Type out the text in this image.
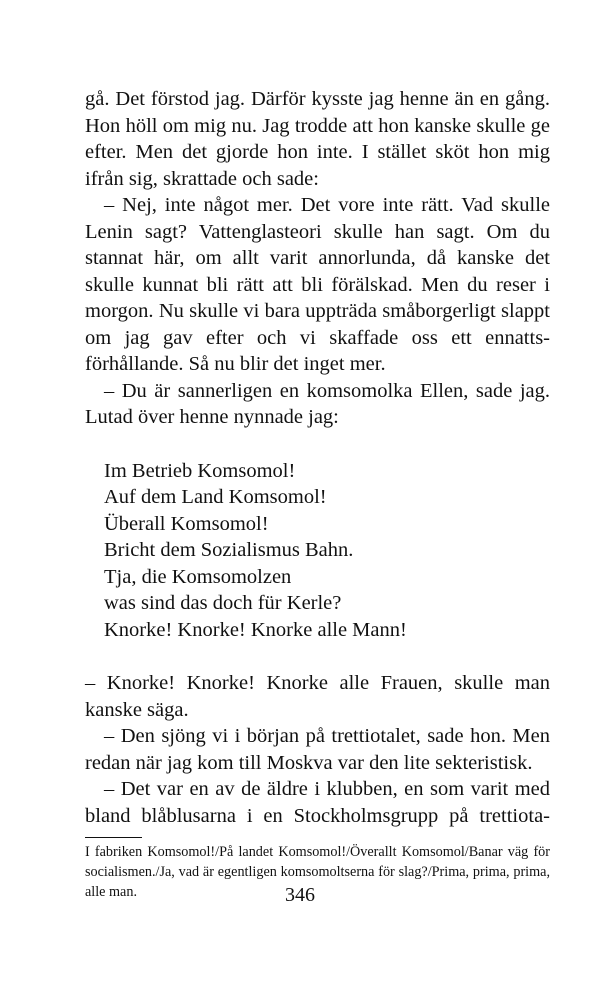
gå. Det förstod jag. Därför kysste jag henne än en gång. Hon höll om mig nu. Jag trodde att hon kanske skulle ge efter. Men det gjorde hon inte. I stället sköt hon mig ifrån sig, skrattade och sade:

– Nej, inte något mer. Det vore inte rätt. Vad skulle Lenin sagt? Vattenglasteori skulle han sagt. Om du stannat här, om allt varit annorlunda, då kanske det skulle kunnat bli rätt att bli förälskad. Men du reser i morgon. Nu skulle vi bara uppträda småborgerligt slappt om jag gav efter och vi skaffade oss ett ennatts-förhållande. Så nu blir det inget mer.

– Du är sannerligen en komsomolka Ellen, sade jag. Lutad över henne nynnade jag:

Im Betrieb Komsomol!
Auf dem Land Komsomol!
Überall Komsomol!
Bricht dem Sozialismus Bahn.
Tja, die Komsomolzen
was sind das doch für Kerle?
Knorke! Knorke! Knorke alle Mann!

– Knorke! Knorke! Knorke alle Frauen, skulle man kanske säga.

– Den sjöng vi i början på trettiotalet, sade hon. Men redan när jag kom till Moskva var den lite sekteristisk.

– Det var en av de äldre i klubben, en som varit med bland blåblusarna i en Stockholmsgrupp på trettiota-

I fabriken Komsomol!/På landet Komsomol!/Överallt Komsomol/Banar väg för socialismen./Ja, vad är egentligen komsomoltserna för slag?/Prima, prima, prima, alle man.	346
